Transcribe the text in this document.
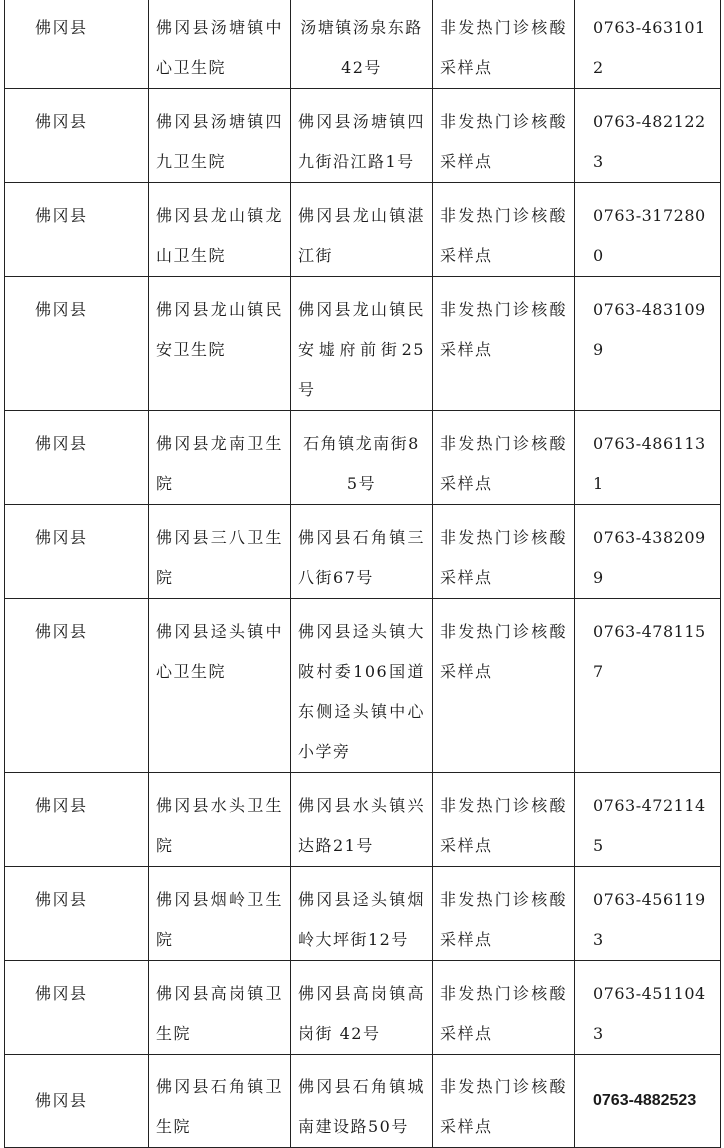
佛冈县	佛冈县汤塘镇中心卫生院	汤塘镇汤泉东路42号	非发热门诊核酸采样点	0763-4631012
佛冈县	佛冈县汤塘镇四九卫生院	佛冈县汤塘镇四九街沿江路1号	非发热门诊核酸采样点	0763-4821223
佛冈县	佛冈县龙山镇龙山卫生院	佛冈县龙山镇湛江街	非发热门诊核酸采样点	0763-3172800
佛冈县	佛冈县龙山镇民安卫生院	佛冈县龙山镇民安墟府前街25号	非发热门诊核酸采样点	0763-4831099
佛冈县	佛冈县龙南卫生院	石角镇龙南街85号	非发热门诊核酸采样点	0763-4861131
佛冈县	佛冈县三八卫生院	佛冈县石角镇三八街67号	非发热门诊核酸采样点	0763-4382099
佛冈县	佛冈县迳头镇中心卫生院	佛冈县迳头镇大陂村委106国道东侧迳头镇中心小学旁	非发热门诊核酸采样点	0763-4781157
佛冈县	佛冈县水头卫生院	佛冈县水头镇兴达路21号	非发热门诊核酸采样点	0763-4721145
佛冈县	佛冈县烟岭卫生院	佛冈县迳头镇烟岭大坪街12号	非发热门诊核酸采样点	0763-4561193
佛冈县	佛冈县高岗镇卫生院	佛冈县高岗镇高岗街 42号	非发热门诊核酸采样点	0763-4511043
佛冈县	佛冈县石角镇卫生院	佛冈县石角镇城南建设路50号	非发热门诊核酸采样点	0763-4882523
